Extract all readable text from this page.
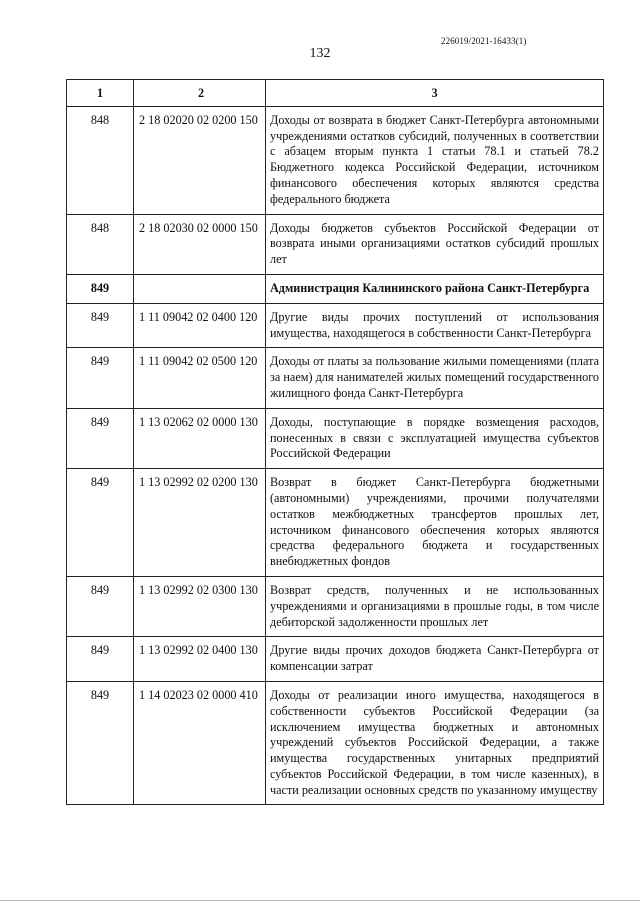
226019/2021-16433(1)
132
1	2	3
848	2 18 02020 02 0200 150	Доходы от возврата в бюджет Санкт-Петербурга автономными учреждениями остатков субсидий, полученных в соответствии с абзацем вторым пункта 1 статьи 78.1 и статьей 78.2 Бюджетного кодекса Российской Федерации, источником финансового обеспечения которых являются средства федерального бюджета
848	2 18 02030 02 0000 150	Доходы бюджетов субъектов Российской Федерации от возврата иными организациями остатков субсидий прошлых лет
849		Администрация Калининского района Санкт-Петербурга
849	1 11 09042 02 0400 120	Другие виды прочих поступлений от использования имущества, находящегося в собственности Санкт-Петербурга
849	1 11 09042 02 0500 120	Доходы от платы за пользование жилыми помещениями (плата за наем) для нанимателей жилых помещений государственного жилищного фонда Санкт-Петербурга
849	1 13 02062 02 0000 130	Доходы, поступающие в порядке возмещения расходов, понесенных в связи с эксплуатацией имущества субъектов Российской Федерации
849	1 13 02992 02 0200 130	Возврат в бюджет Санкт-Петербурга бюджетными (автономными) учреждениями, прочими получателями остатков межбюджетных трансфертов прошлых лет, источником финансового обеспечения которых являются средства федерального бюджета и государственных внебюджетных фондов
849	1 13 02992 02 0300 130	Возврат средств, полученных и не использованных учреждениями и организациями в прошлые годы, в том числе дебиторской задолженности прошлых лет
849	1 13 02992 02 0400 130	Другие виды прочих доходов бюджета Санкт-Петербурга от компенсации затрат
849	1 14 02023 02 0000 410	Доходы от реализации иного имущества, находящегося в собственности субъектов Российской Федерации (за исключением имущества бюджетных и автономных учреждений субъектов Российской Федерации, а также имущества государственных унитарных предприятий субъектов Российской Федерации, в том числе казенных), в части реализации основных средств по указанному имуществу
